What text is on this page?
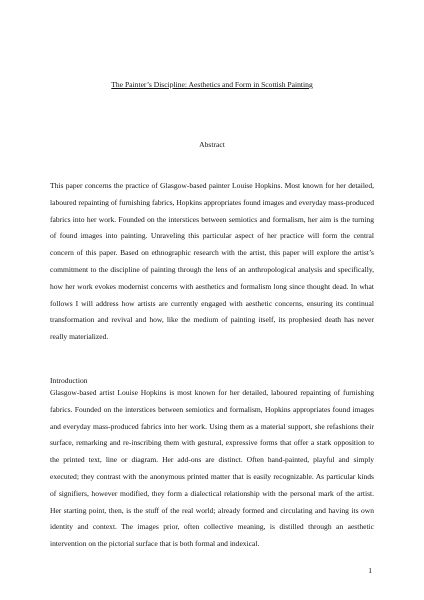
The Painter’s Discipline: Aesthetics and Form in Scottish Painting
Abstract

This paper concerns the practice of Glasgow-based painter Louise Hopkins. Most known for her detailed, laboured repainting of furnishing fabrics, Hopkins appropriates found images and everyday mass-produced fabrics into her work. Founded on the interstices between semiotics and formalism, her aim is the turning of found images into painting. Unraveling this particular aspect of her practice will form the central concern of this paper. Based on ethnographic research with the artist, this paper will explore the artist’s commitment to the discipline of painting through the lens of an anthropological analysis and specifically, how her work evokes modernist concerns with aesthetics and formalism long since thought dead. In what follows I will address how artists are currently engaged with aesthetic concerns, ensuring its continual transformation and revival and how, like the medium of painting itself, its prophesied death has never really materialized.

Introduction

Glasgow-based artist Louise Hopkins is most known for her detailed, laboured repainting of furnishing fabrics. Founded on the interstices between semiotics and formalism, Hopkins appropriates found images and everyday mass-produced fabrics into her work. Using them as a material support, she refashions their surface, remarking and re-inscribing them with gestural, expressive forms that offer a stark opposition to the printed text, line or diagram. Her add-ons are distinct. Often hand-painted, playful and simply executed; they contrast with the anonymous printed matter that is easily recognizable. As particular kinds of signifiers, however modified, they form a dialectical relationship with the personal mark of the artist. Her starting point, then, is the stuff of the real world; already formed and circulating and having its own identity and context. The images prior, often collective meaning, is distilled through an aesthetic intervention on the pictorial surface that is both formal and indexical.

1
